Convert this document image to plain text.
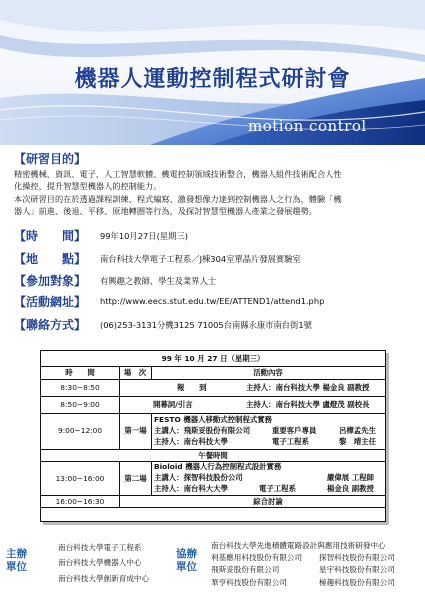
機器人運動控制程式研討會
motion control
【研習目的】
精密機械、資訊、電子，人工智慧軟體、機電控制領域技術整合，機器人組件技術配合人性
化操控，提升智慧型機器人的控制能力。
本次研習目的在於透過課程訓練、程式編寫、激發想像力達到控制機器人之行為，體驗「機
器人」前進、後退、平移、原地轉圈等行為，及探討智慧型機器人產業之發展趨勢。
【時　　間】 99年10月27日(星期三)
【地　　點】 南台科技大學電子工程系／J棟304室單晶片發展實驗室
【參加對象】 有興趣之教師、學生及業界人士
【活動網址】 http://www.eecs.stut.edu.tw/EE/ATTEND1/attend1.php
【聯絡方式】 (06)253-3131分機3125 71005台南縣永康市南台街1號
99 年 10 月 27 日（星期三）
時　　間	場　次	活動內容
8:30~8:50	報　　到	主持人：南台科技大學 楊金良 副教授
8:50~9:00	開幕詞/引言	主持人：南台科技大學 盧燈茂 副校長
9:00~12:00	第一場
FESTO 機器人移動式控制程式實務
主講人：飛斯妥股份有限公司	重要客戶專員	呂樺孟先生
主持人：南台科技大學	電子工程系	黎　靖主任
午餐時間
13:00~16:00	第二場
Bioloid 機器人行為控制程式設計實務
主講人：探智科技股份公司	嚴偉展 工程師
主持人：南台科大大學	電子工程系	楊金良 副教授
16:00~16:30	綜合討論
主辦單位
南台科技大學電子工程系
南台科技大學機器人中心
南台科技大學創新育成中心
協辦單位
南台科技大學先進積體電路設計與應用技術研發中心
利基應用科技股份有限公司 探智科技股份有限公司
飛斯妥股份有限公司	星宇科技股份有限公司
華亨科技股份有限公司	極趣科技股份有限公司
